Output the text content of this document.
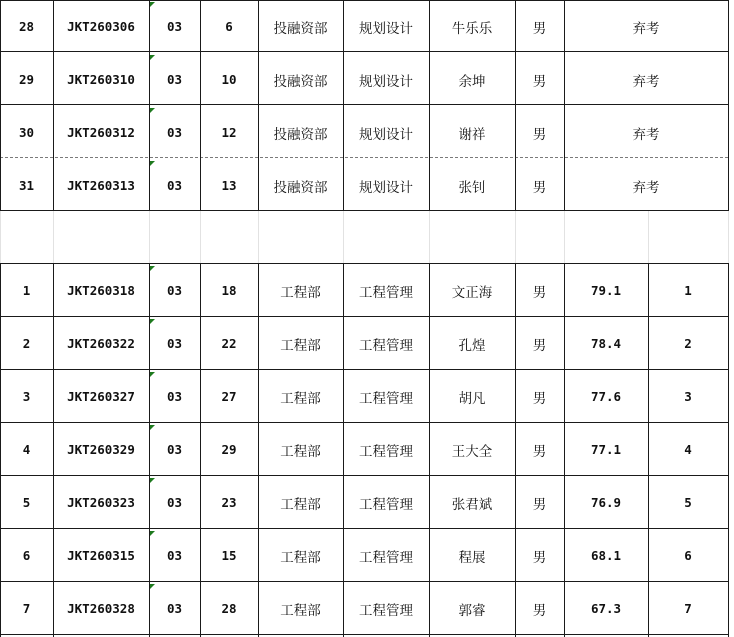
28	JKT260306	03	6	投融资部	规划设计	牛乐乐	男	弃考
29	JKT260310	03	10	投融资部	规划设计	余坤	男	弃考
30	JKT260312	03	12	投融资部	规划设计	谢祥	男	弃考
31	JKT260313	03	13	投融资部	规划设计	张钊	男	弃考
1	JKT260318	03	18	工程部	工程管理	文正海	男	79.1	1
2	JKT260322	03	22	工程部	工程管理	孔煌	男	78.4	2
3	JKT260327	03	27	工程部	工程管理	胡凡	男	77.6	3
4	JKT260329	03	29	工程部	工程管理	王大全	男	77.1	4
5	JKT260323	03	23	工程部	工程管理	张君斌	男	76.9	5
6	JKT260315	03	15	工程部	工程管理	程展	男	68.1	6
7	JKT260328	03	28	工程部	工程管理	郭睿	男	67.3	7
